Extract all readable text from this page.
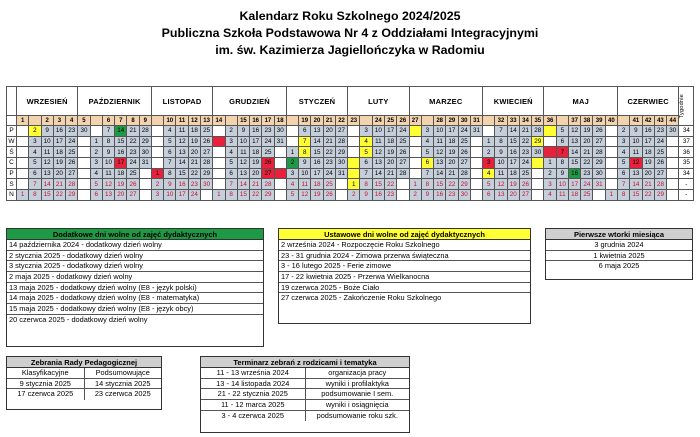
Kalendarz Roku Szkolnego 2024/2025
Publiczna Szkoła Podstawowa Nr 4 z Oddziałami Integracyjnymi
im. św. Kazimierza Jagiellończyka w Radomiu
	WRZESIEŃ					PAŹDZIERNIK						LISTOPAD					GRUDZIEŃ						STYCZEŃ					LUTY					MARZEC						KWIECIEŃ					MAJ						CZERWIEC					Tygodnie

	1		2	3	4	5		6	7	8	9		10	11	12	13	14		15	16	17	18		19	20	21	22	23		24	25	26	27		28	29	30	31		32	33	34	35	36		37	38	39	40		41	42	43	44	
P		2	9	16	23	30		7	14	21	28		4	11	18	25		2	9	16	23	30		6	13	20	27		3	10	17	24		3	10	17	24	31		7	14	21	28		5	12	19	26		2	9	16	23	30	34
W		3	10	17	24		1	8	15	22	29		5	12	19	26		3	10	17	24	31		7	14	21	28		4	11	18	25		4	11	18	25		1	8	15	22	29		6	13	20	27		3	10	17	24		37
Ś		4	11	18	25		2	9	16	23	30		6	13	20	27		4	11	18	25		1	8	15	22	29		5	12	19	26		5	12	19	26		2	9	16	23	30		7	14	21	28		4	11	18	25		36
C		5	12	19	26		3	10	17	24	31		7	14	21	28		5	12	19	26		2	9	16	23	30		6	13	20	27		6	13	20	27		3	10	17	24		1	8	15	22	29		5	12	19	26		35
P		6	13	20	27		4	11	18	25		1	8	15	22	29		6	13	20	27		3	10	17	24	31		7	14	21	28		7	14	21	28		4	11	18	25		2	9	16	23	30		6	13	20	27		34
S		7	14	21	28		5	12	19	26		2	9	16	23	30		7	14	21	28		4	11	18	25		1	8	15	22		1	8	15	22	29		5	12	19	26		3	10	17	24	31		7	14	21	28		-
N	1	8	15	22	29		6	13	20	27		3	10	17	24		1	8	15	22	29		5	12	19	26		2	9	16	23		2	9	16	23	30		6	13	20	27		4	11	18	25		1	8	15	22	29		-
Dodatkowe dni wolne od zajęć dydaktycznych
14 października 2024 - dodatkowy dzień wolny
2 stycznia 2025 - dodatkowy dzień wolny
3 stycznia 2025 - dodatkowy dzień wolny
2 maja 2025 - dodatkowy dzień wolny
13 maja 2025 - dodatkowy dzień wolny (E8 - język polski)
14 maja 2025 - dodatkowy dzień wolny (E8 - matematyka)
15 maja 2025 - dodatkowy dzień wolny (E8 - język obcy)
20 czerwca 2025 - dodatkowy dzień wolny
Ustawowe dni wolne od zajęć dydaktycznych
2 września 2024 - Rozpoczęcie Roku Szkolnego
23 - 31 grudnia 2024 - Zimowa przerwa świąteczna
3 - 16 lutego 2025 - Ferie zimowe
17 - 22 kwietnia 2025 - Przerwa Wielkanocna
19 czerwca 2025 - Boże Ciało
27 czerwca 2025 - Zakończenie Roku Szkolnego
Pierwsze wtorki miesiąca
3 grudnia 2024
1 kwietnia 2025
6 maja 2025
Zebrania Rady Pedagogicznej
Klasyfikacyjne	Podsumowujące
9 stycznia 2025	14 stycznia 2025
17 czerwca 2025	23 czerwca 2025
Terminarz zebrań z rodzicami i tematyka
11 - 13 września 2024	organizacja pracy
13 - 14 listopada 2024	wyniki i profilaktyka
21 - 22 stycznia 2025	podsumowanie I sem.
11 - 12 marca 2025	wyniki i osiągnięcia
3 - 4 czerwca 2025	podsumowanie roku szk.
